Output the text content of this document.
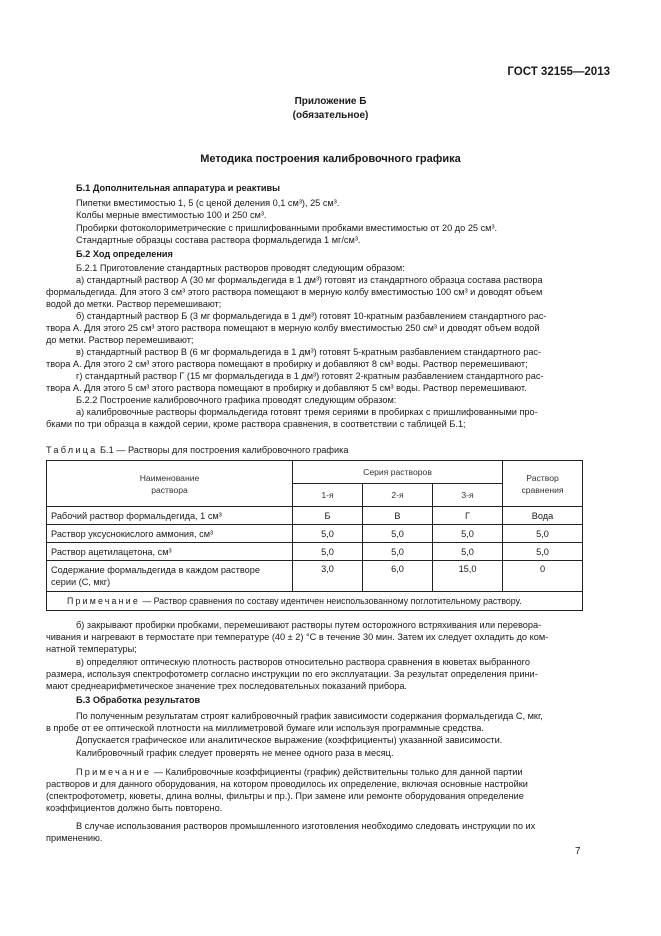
ГОСТ 32155—2013
Приложение Б
(обязательное)
Методика построения калибровочного графика
Б.1 Дополнительная аппаратура и реактивы
Пипетки вместимостью 1, 5 (с ценой деления 0,1 см³), 25 см³.
Колбы мерные вместимостью 100 и 250 см³.
Пробирки фотоколориметрические с пришлифованными пробками вместимостью от 20 до 25 см³.
Стандартные образцы состава раствора формальдегида 1 мг/см³.
Б.2 Ход определения
Б.2.1 Приготовление стандартных растворов проводят следующим образом:
а) стандартный раствор А (30 мг формальдегида в 1 дм³) готовят из стандартного образца состава раствора
формальдегида. Для этого 3 см³ этого раствора помещают в мерную колбу вместимостью 100 см³ и доводят объем
водой до метки. Раствор перемешивают;
б) стандартный раствор Б (3 мг формальдегида в 1 дм³) готовят 10-кратным разбавлением стандартного рас-
твора А. Для этого 25 см³ этого раствора помещают в мерную колбу вместимостью 250 см³ и доводят объем водой
до метки. Раствор перемешивают;
в) стандартный раствор В (6 мг формальдегида в 1 дм³) готовят 5-кратным разбавлением стандартного рас-
твора А. Для этого 2 см³ этого раствора помещают в пробирку и добавляют 8 см³ воды. Раствор перемешивают;
г) стандартный раствор Г (15 мг формальдегида в 1 дм³) готовят 2-кратным разбавлением стандартного рас-
твора А. Для этого 5 см³ этого раствора помещают в пробирку и добавляют 5 см³ воды. Раствор перемешивают.
Б.2.2 Построение калибровочного графика проводят следующим образом:
а) калибровочные растворы формальдегида готовят тремя сериями в пробирках с пришлифованными про-
бками по три образца в каждой серии, кроме раствора сравнения, в соответствии с таблицей Б.1;
Таблица Б.1 — Растворы для построения калибровочного графика
Наименование
раствора	Серия растворов			Раствор
сравнения
	1-я	2-я	3-я	
Рабочий раствор формальдегида, 1 см³	Б	В	Г	Вода
Раствор уксуснокислого аммония, см³	5,0	5,0	5,0	5,0
Раствор ацетилацетона, см³	5,0	5,0	5,0	5,0
Содержание формальдегида в каждом растворе
серии (С, мкг)	3,0	6,0	15,0	0
Примечание — Раствор сравнения по составу идентичен неиспользованному поглотительному раствору.				
б) закрывают пробирки пробками, перемешивают растворы путем осторожного встряхивания или перевора-
чивания и нагревают в термостате при температуре (40 ± 2) °С в течение 30 мин. Затем их следует охладить до ком-
натной температуры;
в) определяют оптическую плотность растворов относительно раствора сравнения в кюветах выбранного
размера, используя спектрофотометр согласно инструкции по его эксплуатации. За результат определения прини-
мают среднеарифметическое значение трех последовательных показаний прибора.
Б.3 Обработка результатов
По полученным результатам строят калибровочный график зависимости содержания формальдегида С, мкг,
в пробе от ее оптической плотности на миллиметровой бумаге или используя программные средства.
Допускается графическое или аналитическое выражение (коэффициенты) указанной зависимости.
Калибровочный график следует проверять не менее одного раза в месяц.
Примечание — Калибровочные коэффициенты (график) действительны только для данной партии
растворов и для данного оборудования, на котором проводилось их определение, включая основные настройки
(спектрофотометр, кюветы, длина волны, фильтры и пр.). При замене или ремонте оборудования определение
коэффициентов должно быть повторено.
В случае использования растворов промышленного изготовления необходимо следовать инструкции по их
применению.
7
